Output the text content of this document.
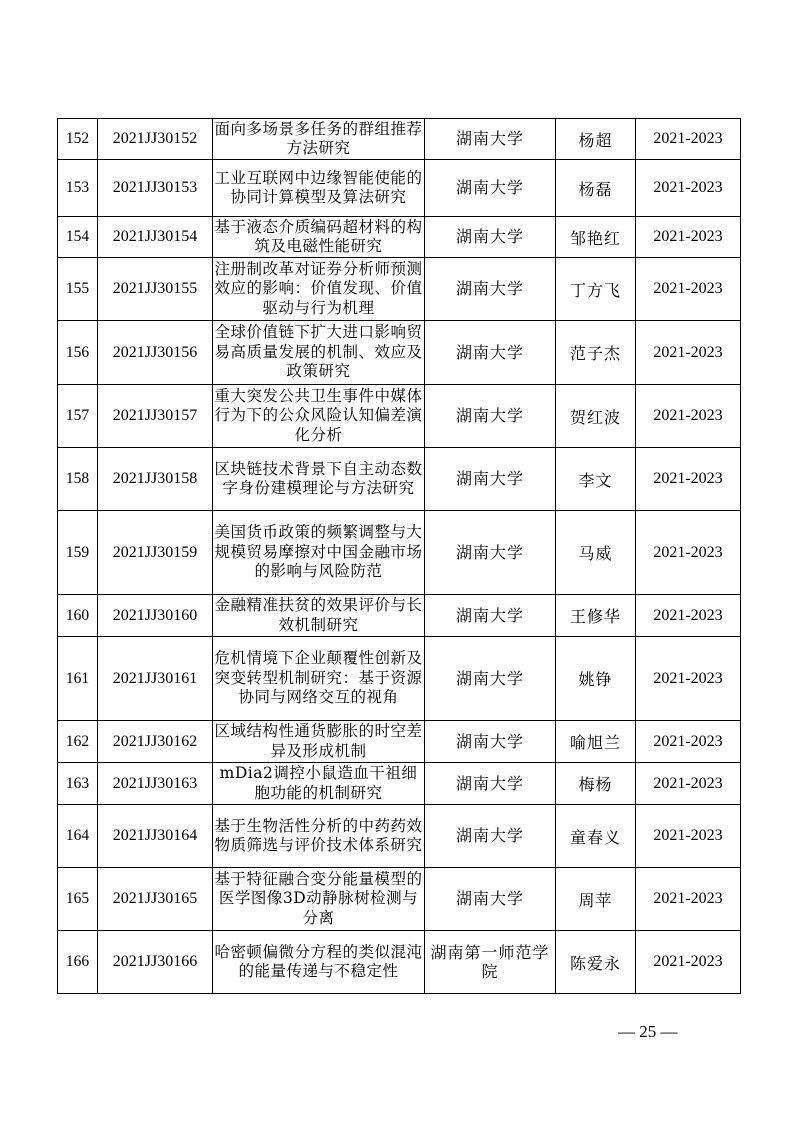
152	2021JJ30152	面向多场景多任务的群组推荐方法研究	湖南大学	杨超	2021-2023
153	2021JJ30153	工业互联网中边缘智能使能的协同计算模型及算法研究	湖南大学	杨磊	2021-2023
154	2021JJ30154	基于液态介质编码超材料的构筑及电磁性能研究	湖南大学	邹艳红	2021-2023
155	2021JJ30155	注册制改革对证券分析师预测效应的影响：价值发现、价值驱动与行为机理	湖南大学	丁方飞	2021-2023
156	2021JJ30156	全球价值链下扩大进口影响贸易高质量发展的机制、效应及政策研究	湖南大学	范子杰	2021-2023
157	2021JJ30157	重大突发公共卫生事件中媒体行为下的公众风险认知偏差演化分析	湖南大学	贺红波	2021-2023
158	2021JJ30158	区块链技术背景下自主动态数字身份建模理论与方法研究	湖南大学	李文	2021-2023
159	2021JJ30159	美国货币政策的频繁调整与大规模贸易摩擦对中国金融市场的影响与风险防范	湖南大学	马威	2021-2023
160	2021JJ30160	金融精准扶贫的效果评价与长效机制研究	湖南大学	王修华	2021-2023
161	2021JJ30161	危机情境下企业颠覆性创新及突变转型机制研究：基于资源协同与网络交互的视角	湖南大学	姚铮	2021-2023
162	2021JJ30162	区域结构性通货膨胀的时空差异及形成机制	湖南大学	喻旭兰	2021-2023
163	2021JJ30163	mDia2调控小鼠造血干祖细胞功能的机制研究	湖南大学	梅杨	2021-2023
164	2021JJ30164	基于生物活性分析的中药药效物质筛选与评价技术体系研究	湖南大学	童春义	2021-2023
165	2021JJ30165	基于特征融合变分能量模型的医学图像3D动静脉树检测与分离	湖南大学	周苹	2021-2023
166	2021JJ30166	哈密顿偏微分方程的类似混沌的能量传递与不稳定性	湖南第一师范学院	陈爱永	2021-2023
— 25 —
